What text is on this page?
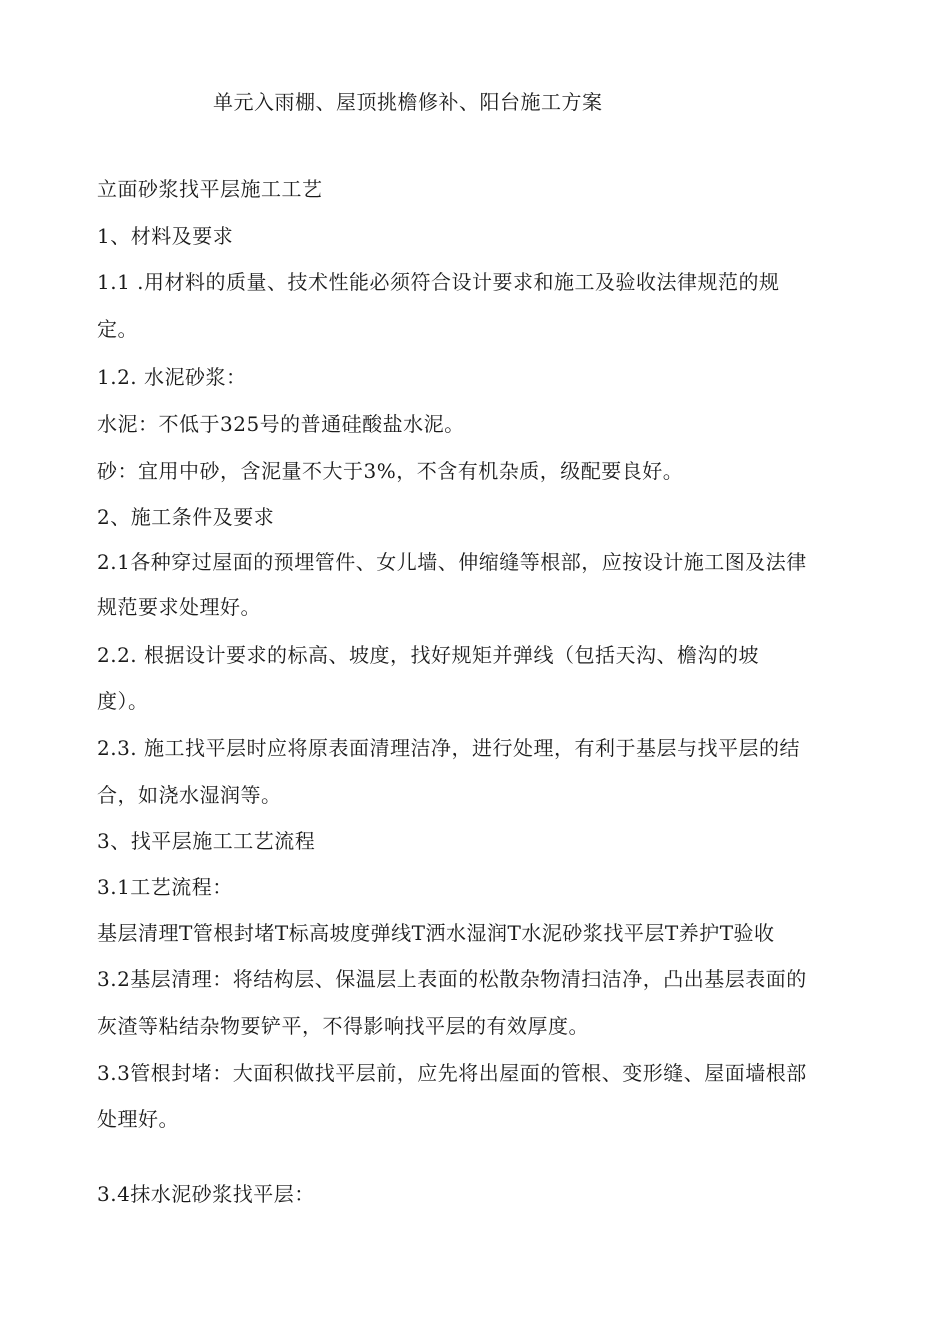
单元入雨棚、屋顶挑檐修补、阳台施工方案
立面砂浆找平层施工工艺
1、材料及要求
1.1 .用材料的质量、技术性能必须符合设计要求和施工及验收法律规范的规
定。
1.2. 水泥砂浆：
水泥：不低于325号的普通硅酸盐水泥。
砂：宜用中砂，含泥量不大于3%，不含有机杂质，级配要良好。
2、施工条件及要求
2.1各种穿过屋面的预埋管件、女儿墙、伸缩缝等根部，应按设计施工图及法律
规范要求处理好。
2.2. 根据设计要求的标高、坡度，找好规矩并弹线（包括天沟、檐沟的坡
度）。
2.3. 施工找平层时应将原表面清理洁净，进行处理，有利于基层与找平层的结
合，如浇水湿润等。
3、找平层施工工艺流程
3.1工艺流程：
基层清理T管根封堵T标高坡度弹线T洒水湿润T水泥砂浆找平层T养护T验收
3.2基层清理：将结构层、保温层上表面的松散杂物清扫洁净，凸出基层表面的
灰渣等粘结杂物要铲平，不得影响找平层的有效厚度。
3.3管根封堵：大面积做找平层前，应先将出屋面的管根、变形缝、屋面墙根部
处理好。
3.4抹水泥砂浆找平层：
